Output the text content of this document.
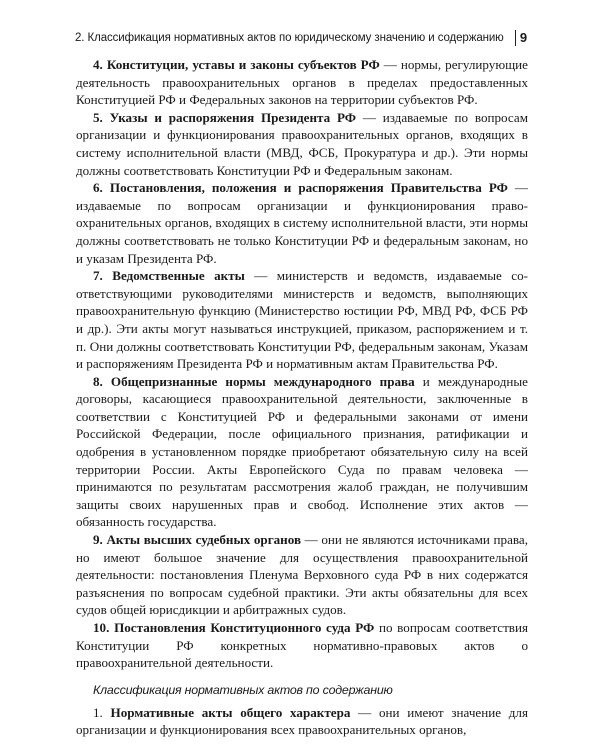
2. Классификация нормативных актов по юридическому значению и содержанию 9

4. Конституции, уставы и законы субъектов РФ — нормы, регулирующие деятельность правоохранительных органов в пределах предоставленных Конституцией РФ и Федеральных законов на территории субъектов РФ.

5. Указы и распоряжения Президента РФ — издаваемые по вопросам организации и функционирования правоохранительных органов, входящих в систему исполнительной власти (МВД, ФСБ, Прокуратура и др.). Эти нормы должны соответствовать Конституции РФ и Федеральным законам.

6. Постановления, положения и распоряжения Правительства РФ — издаваемые по вопросам организации и функционирования правоохранительных органов, входящих в систему исполнительной власти, эти нормы должны соответствовать не только Конституции РФ и федеральным законам, но и указам Президента РФ.

7. Ведомственные акты — министерств и ведомств, издаваемые соответствующими руководителями министерств и ведомств, выполняющих правоохранительную функцию (Министерство юстиции РФ, МВД РФ, ФСБ РФ и др.). Эти акты могут называться инструкцией, приказом, распоряжением и т. п. Они должны соответствовать Конституции РФ, федеральным законам, Указам и распоряжениям Президента РФ и нормативным актам Правительства РФ.

8. Общепризнанные нормы международного права и международные договоры, касающиеся правоохранительной деятельности, заключенные в соответствии с Конституцией РФ и федеральными законами от имени Российской Федерации, после официального признания, ратификации и одобрения в установленном порядке приобретают обязательную силу на всей территории России. Акты Европейского Суда по правам человека — принимаются по результатам рассмотрения жалоб граждан, не получившим защиты своих нарушенных прав и свобод. Исполнение этих актов — обязанность государства.

9. Акты высших судебных органов — они не являются источниками права, но имеют большое значение для осуществления правоохранительной деятельности: постановления Пленума Верховного суда РФ в них содержатся разъяснения по вопросам судебной практики. Эти акты обязательны для всех судов общей юрисдикции и арбитражных судов.

10. Постановления Конституционного суда РФ по вопросам соответствия Конституции РФ конкретных нормативно-правовых актов о правоохранительной деятельности.

Классификация нормативных актов по содержанию

1. Нормативные акты общего характера — они имеют значение для организации и функционирования всех правоохранительных органов,
